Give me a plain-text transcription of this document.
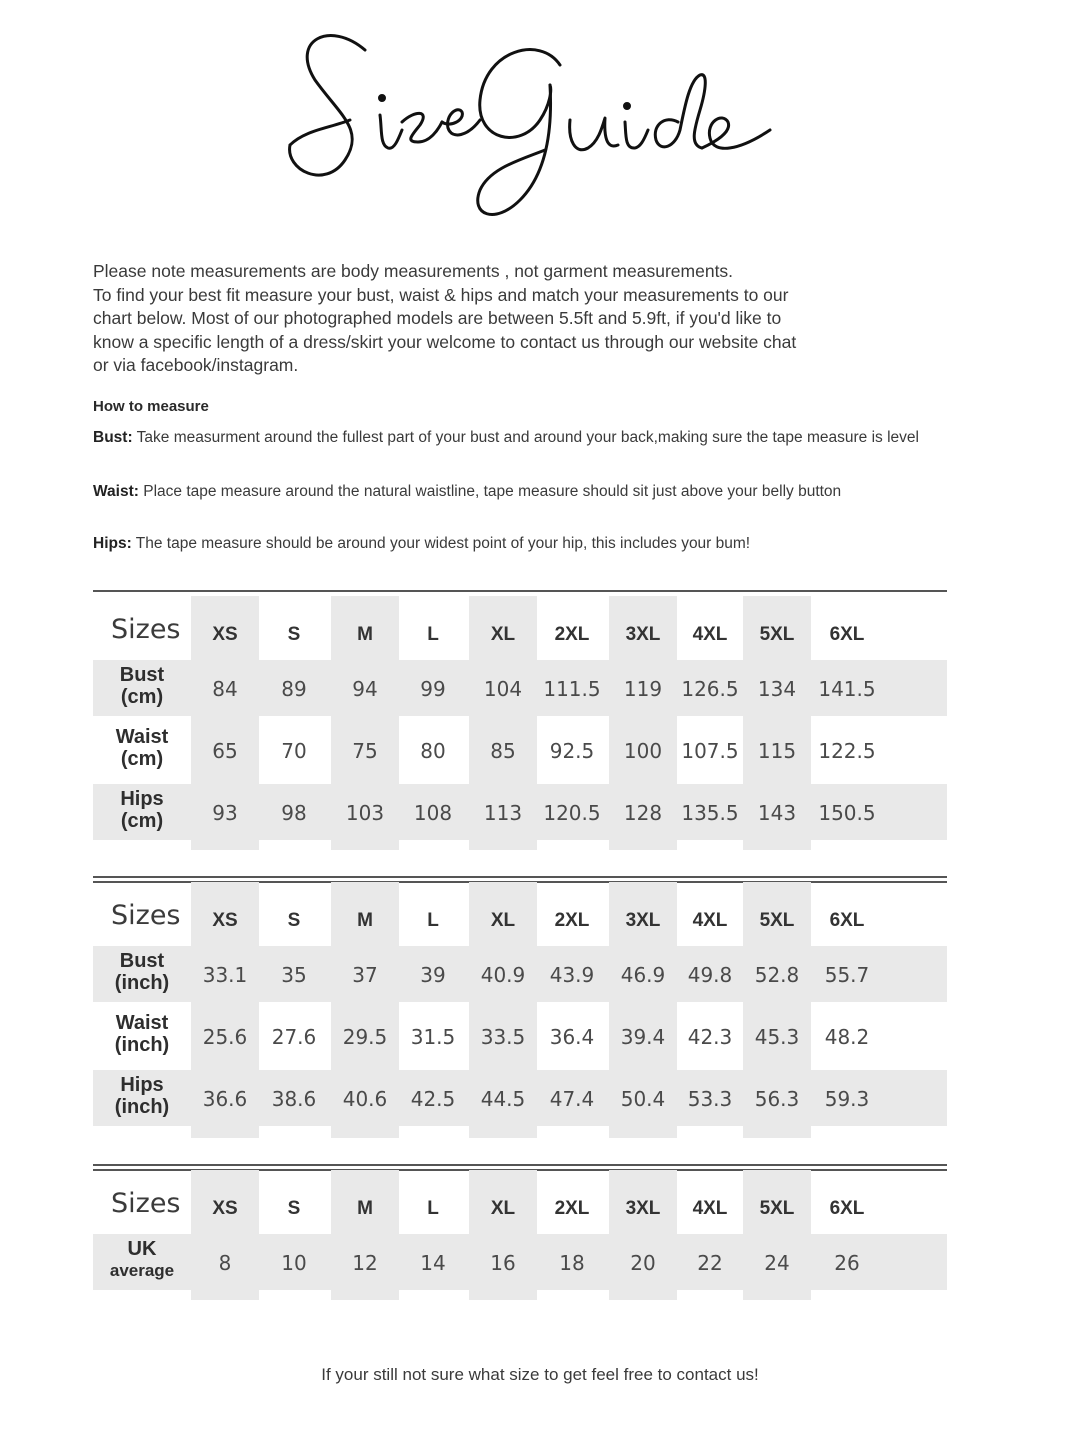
Please note measurements are body measurements , not garment measurements.

To find your best fit measure your bust, waist & hips and match your measurements to our

chart below. Most of our photographed models are between 5.5ft and 5.9ft, if you'd like to

know a specific length of a dress/skirt your welcome to contact us through our website chat

or via facebook/instagram.

How to measure
Bust: Take measurment around the fullest part of your bust and around your back,making sure the tape measure is level
Waist: Place tape measure around the natural waistline, tape measure should sit just above your belly button
Hips: The tape measure should be around your widest point of your hip, this includes your bum!
Sizes	XS	S	M	L	XL	2XL	3XL	4XL	5XL	6XL
Bust
(cm)	84	89	94	99	104	111.5	119 126.5 134	141.5
Waist
(cm)	65	70	75	80	85	92.5	100 107.5 115	122.5
Hips
(cm)	93	98	103	108	113	120.5	128 135.5 143	150.5
Sizes	XS	S	M	L	XL	2XL	3XL	4XL	5XL	6XL
Bust
(inch)	33.1	35	37	39	40.9	43.9	46.9	49.8	52.8	55.7
Waist
(inch)	25.6	27.6	29.5	31.5	33.5	36.4	39.4	42.3	45.3	48.2
Hips
(inch)	36.6	38.6	40.6	42.5	44.5	47.4	50.4	53.3	56.3	59.3
Sizes	XS	S	M	L	XL	2XL	3XL	4XL	5XL	6XL
UK
average	8	10	12	14	16	18	20	22	24	26
If your still not sure what size to get feel free to contact us!
